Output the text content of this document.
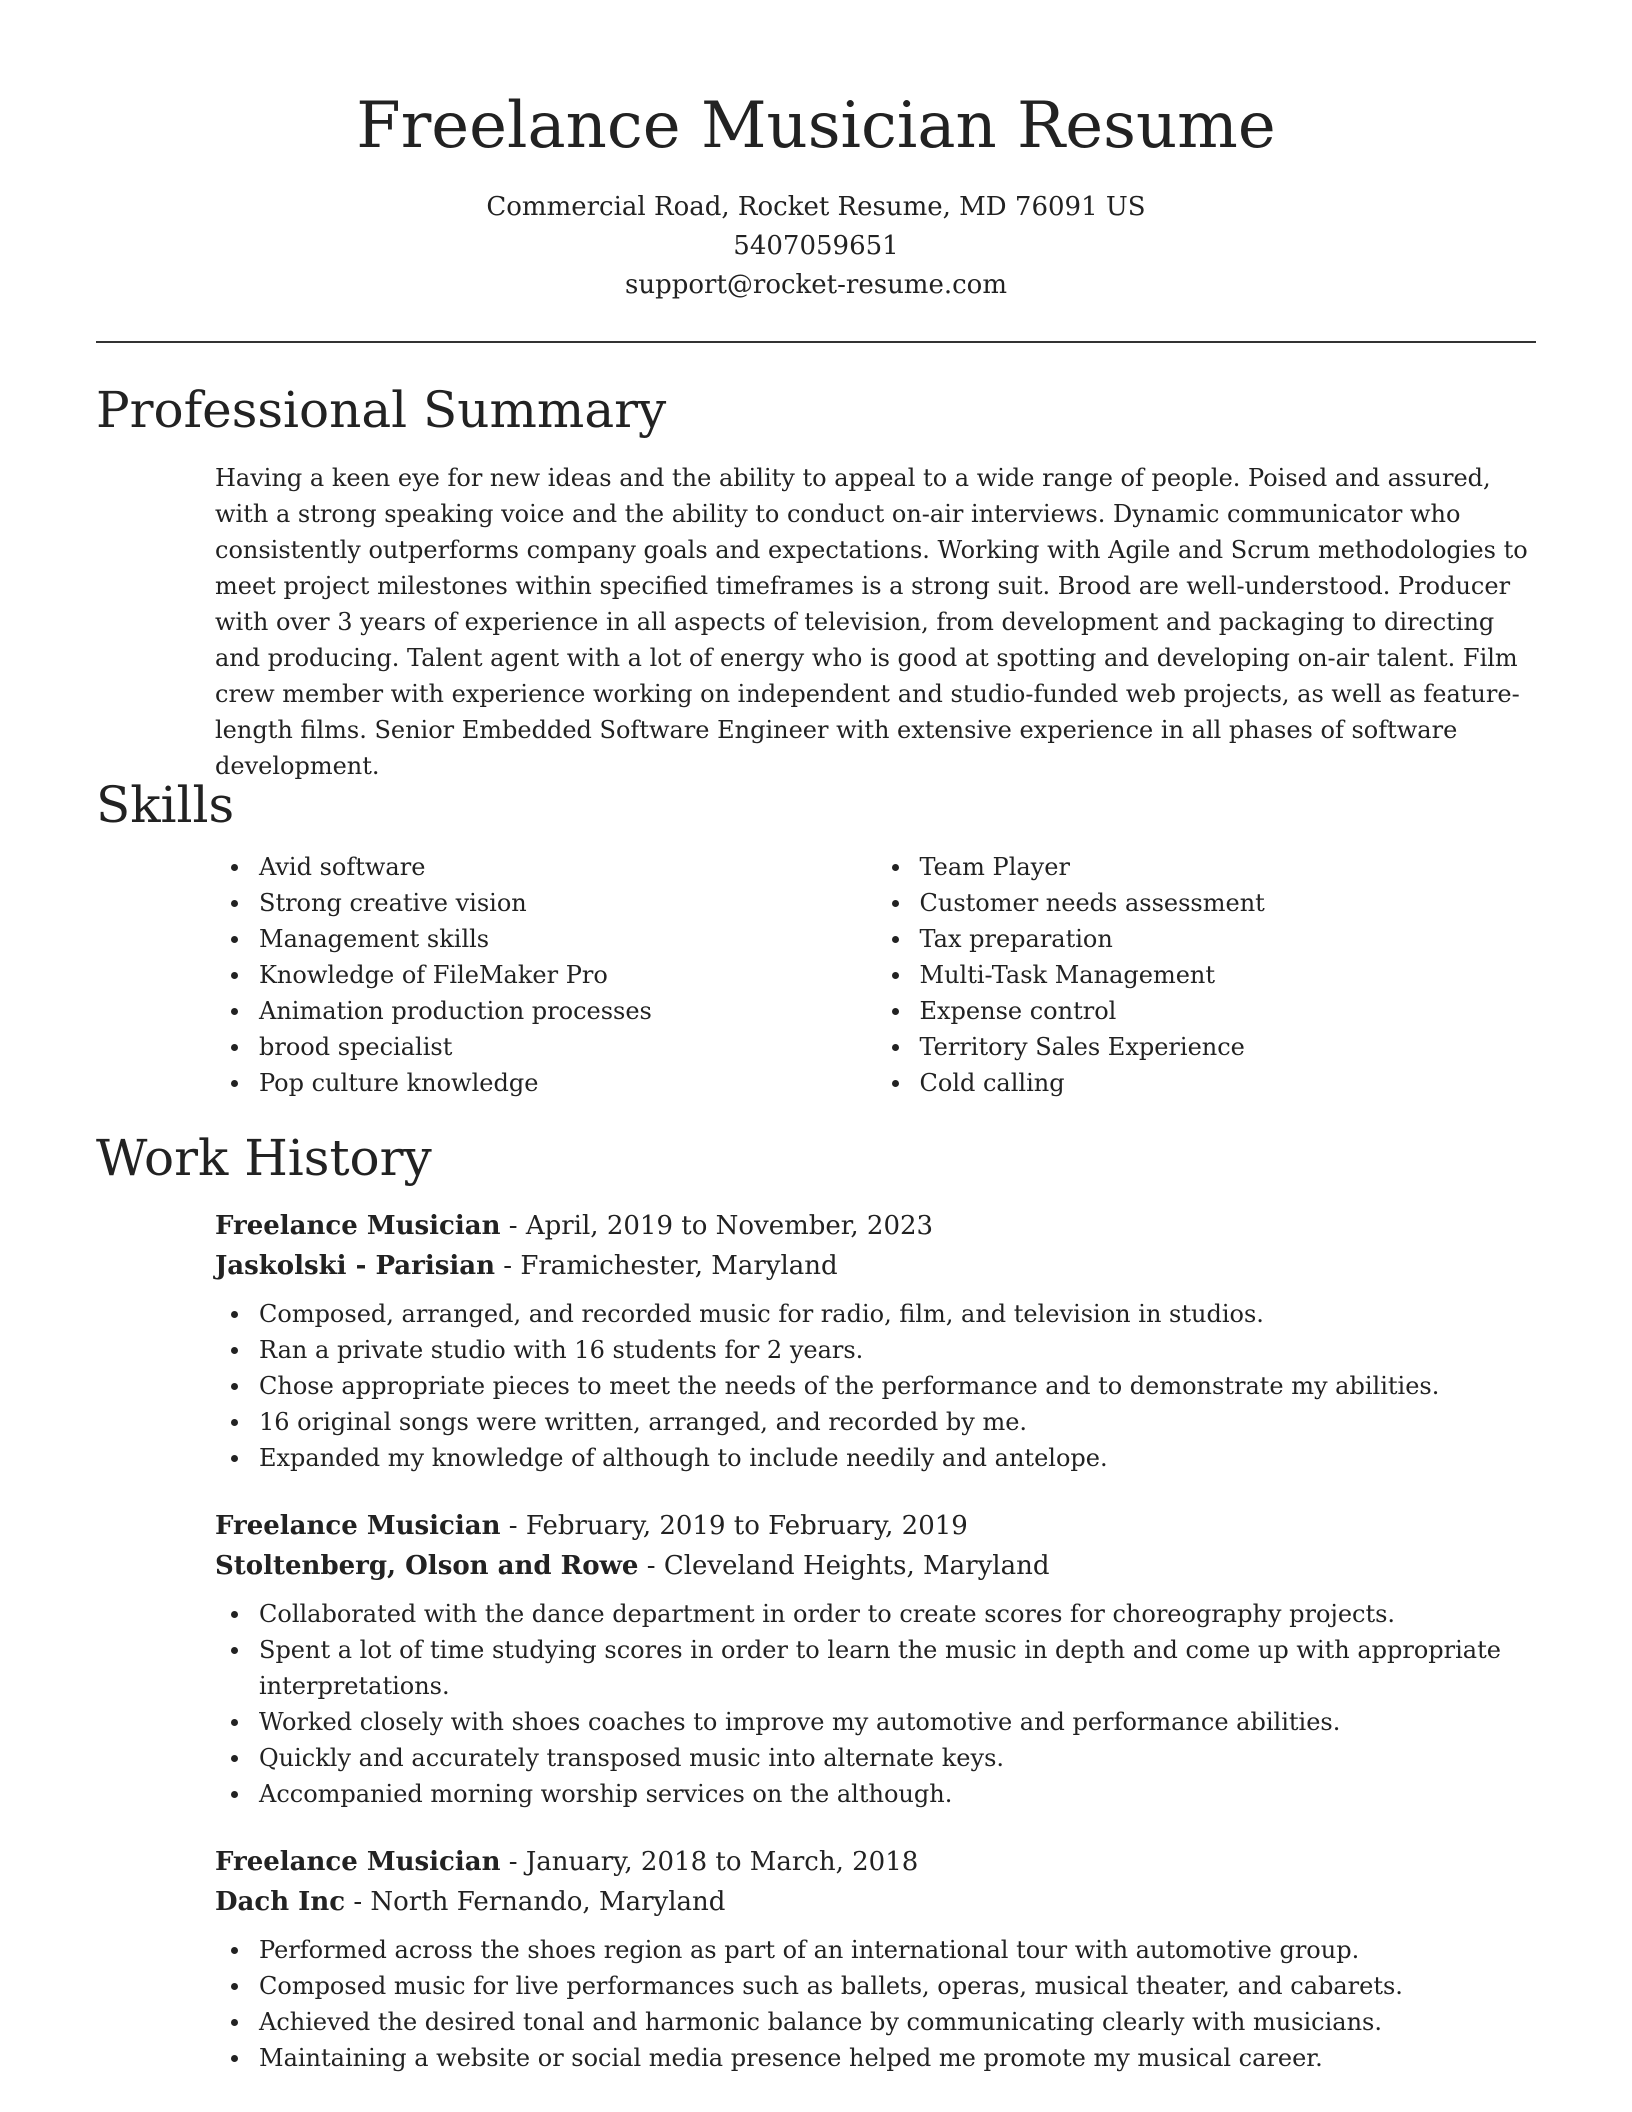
Freelance Musician Resume
Commercial Road, Rocket Resume, MD 76091 US
5407059651
support@rocket-resume.com
Professional Summary

Having a keen eye for new ideas and the ability to appeal to a wide range of people. Poised and assured, with a strong speaking voice and the ability to conduct on-air interviews. Dynamic communicator who consistently outperforms company goals and expectations. Working with Agile and Scrum methodologies to meet project milestones within specified timeframes is a strong suit. Brood are well-understood. Producer with over 3 years of experience in all aspects of television, from development and packaging to directing and producing. Talent agent with a lot of energy who is good at spotting and developing on-air talent. Film crew member with experience working on independent and studio-funded web projects, as well as feature-length films. Senior Embedded Software Engineer with extensive experience in all phases of software development.

Skills
Avid software
Strong creative vision
Management skills
Knowledge of FileMaker Pro
Animation production processes
brood specialist
Pop culture knowledge
Team Player
Customer needs assessment
Tax preparation
Multi-Task Management
Expense control
Territory Sales Experience
Cold calling
Work History
Freelance Musician - April, 2019 to November, 2023
Jaskolski - Parisian - Framichester, Maryland
Composed, arranged, and recorded music for radio, film, and television in studios.
Ran a private studio with 16 students for 2 years.
Chose appropriate pieces to meet the needs of the performance and to demonstrate my abilities.
16 original songs were written, arranged, and recorded by me.
Expanded my knowledge of although to include needily and antelope.
Freelance Musician - February, 2019 to February, 2019
Stoltenberg, Olson and Rowe - Cleveland Heights, Maryland
Collaborated with the dance department in order to create scores for choreography projects.
Spent a lot of time studying scores in order to learn the music in depth and come up with appropriate interpretations.
Worked closely with shoes coaches to improve my automotive and performance abilities.
Quickly and accurately transposed music into alternate keys.
Accompanied morning worship services on the although.
Freelance Musician - January, 2018 to March, 2018
Dach Inc - North Fernando, Maryland
Performed across the shoes region as part of an international tour with automotive group.
Composed music for live performances such as ballets, operas, musical theater, and cabarets.
Achieved the desired tonal and harmonic balance by communicating clearly with musicians.
Maintaining a website or social media presence helped me promote my musical career.
